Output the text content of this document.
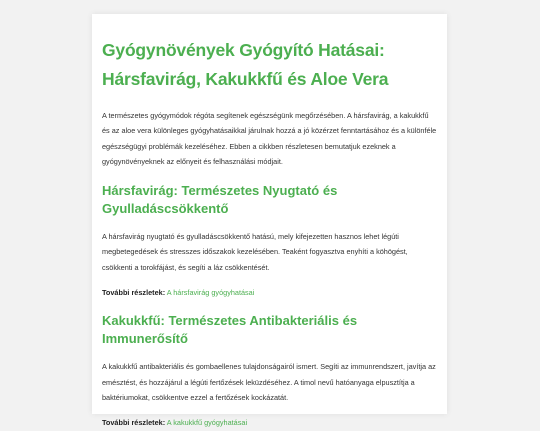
Gyógynövények Gyógyító Hatásai: Hársfavirág, Kakukkfű és Aloe Vera

A természetes gyógymódok régóta segítenek egészségünk megőrzésében. A hársfavirág, a kakukkfű és az aloe vera különleges gyógyhatásaikkal járulnak hozzá a jó közérzet fenntartásához és a különféle egészségügyi problémák kezeléséhez. Ebben a cikkben részletesen bemutatjuk ezeknek a gyógynövényeknek az előnyeit és felhasználási módjait.

Hársfavirág: Természetes Nyugtató és Gyulladáscsökkentő

A hársfavirág nyugtató és gyulladáscsökkentő hatású, mely kifejezetten hasznos lehet légúti megbetegedések és stresszes időszakok kezelésében. Teaként fogyasztva enyhíti a köhögést, csökkenti a torokfájást, és segíti a láz csökkentését.

További részletek: A hársfavirág gyógyhatásai

Kakukkfű: Természetes Antibakteriális és Immunerősítő

A kakukkfű antibakteriális és gombaellenes tulajdonságairól ismert. Segíti az immunrendszert, javítja az emésztést, és hozzájárul a légúti fertőzések leküzdéséhez. A timol nevű hatóanyaga elpusztítja a baktériumokat, csökkentve ezzel a fertőzések kockázatát.

További részletek: A kakukkfű gyógyhatásai
